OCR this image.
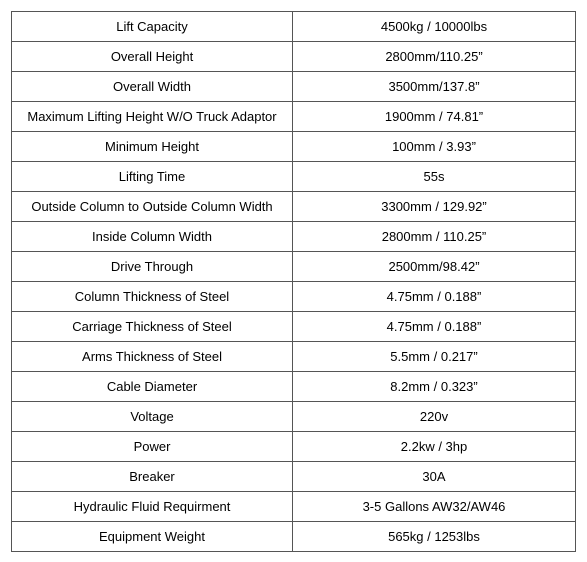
Lift Capacity	4500kg / 10000lbs
Overall Height	2800mm/110.25”
Overall Width	3500mm/137.8”
Maximum Lifting Height W/O Truck Adaptor	1900mm / 74.81”
Minimum Height	100mm / 3.93”
Lifting Time	55s
Outside Column to Outside Column Width	3300mm / 129.92”
Inside Column Width	2800mm / 110.25”
Drive Through	2500mm/98.42”
Column Thickness of Steel	4.75mm / 0.188”
Carriage Thickness of Steel	4.75mm / 0.188”
Arms Thickness of Steel	5.5mm / 0.217”
Cable Diameter	8.2mm / 0.323”
Voltage	220v
Power	2.2kw / 3hp
Breaker	30A
Hydraulic Fluid Requirment	3-5 Gallons AW32/AW46
Equipment Weight	565kg / 1253lbs
